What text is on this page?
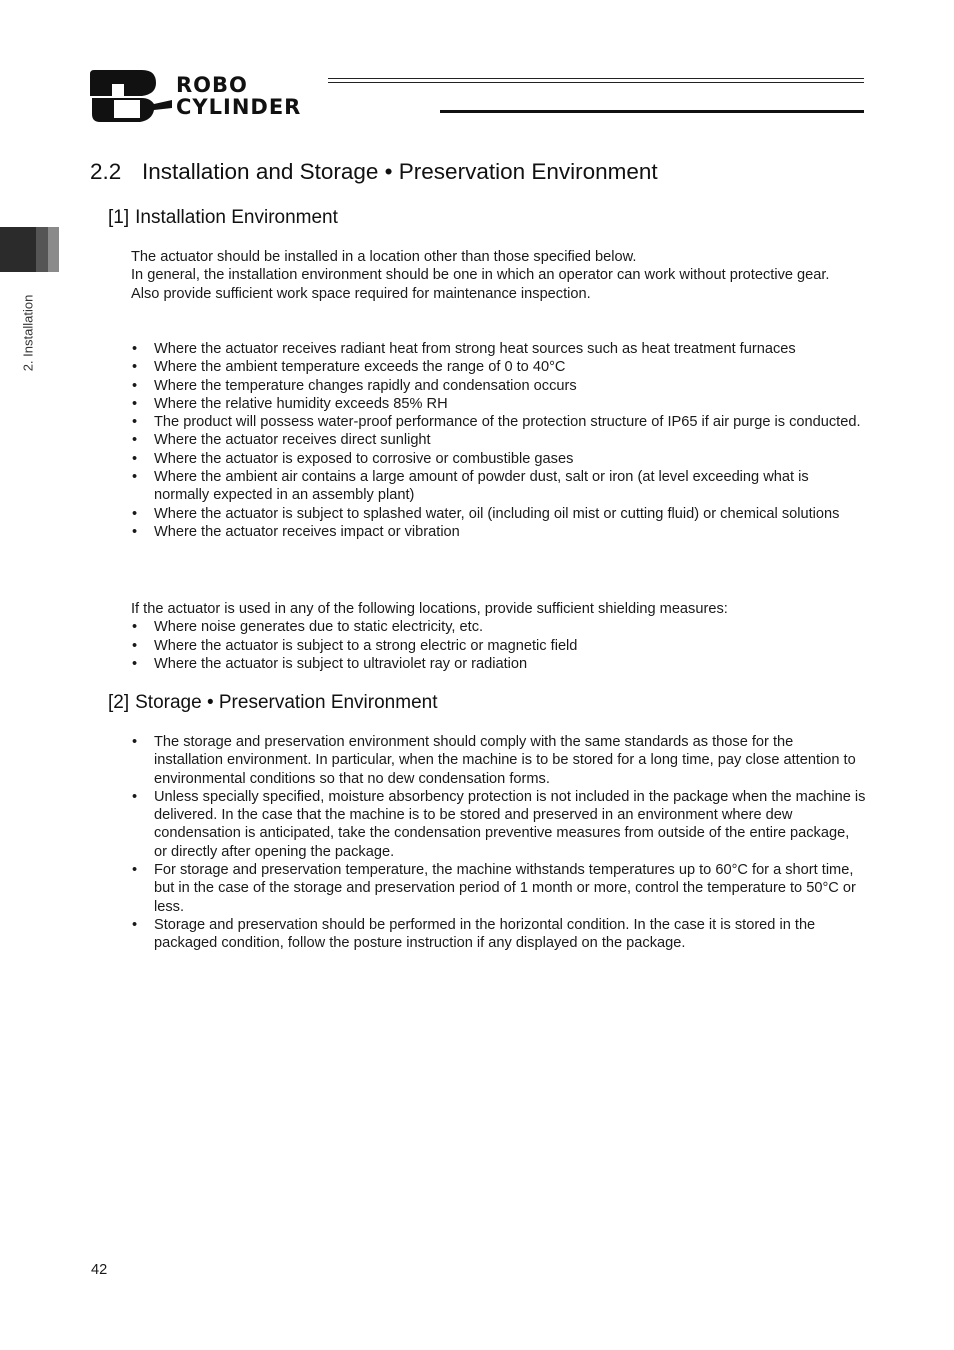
ROBO
CYLINDER
2. Installation
2.2 Installation and Storage • Preservation Environment
[1] Installation Environment

The actuator should be installed in a location other than those specified below.

In general, the installation environment should be one in which an operator can work without protective gear.

Also provide sufficient work space required for maintenance inspection.

• Where the actuator receives radiant heat from strong heat sources such as heat treatment furnaces
• Where the ambient temperature exceeds the range of 0 to 40°C
• Where the temperature changes rapidly and condensation occurs
• Where the relative humidity exceeds 85% RH
• The product will possess water-proof performance of the protection structure of IP65 if air purge is conducted.
• Where the actuator receives direct sunlight
• Where the actuator is exposed to corrosive or combustible gases
• Where the ambient air contains a large amount of powder dust, salt or iron (at level exceeding what is normally expected in an assembly plant)
• Where the actuator is subject to splashed water, oil (including oil mist or cutting fluid) or chemical solutions
• Where the actuator receives impact or vibration

If the actuator is used in any of the following locations, provide sufficient shielding measures:

• Where noise generates due to static electricity, etc.
• Where the actuator is subject to a strong electric or magnetic field
• Where the actuator is subject to ultraviolet ray or radiation
[2] Storage • Preservation Environment
• The storage and preservation environment should comply with the same standards as those for the installation environment. In particular, when the machine is to be stored for a long time, pay close attention to environmental conditions so that no dew condensation forms.
• Unless specially specified, moisture absorbency protection is not included in the package when the machine is delivered. In the case that the machine is to be stored and preserved in an environment where dew condensation is anticipated, take the condensation preventive measures from outside of the entire package, or directly after opening the package.
• For storage and preservation temperature, the machine withstands temperatures up to 60°C for a short time, but in the case of the storage and preservation period of 1 month or more, control the temperature to 50°C or less.
• Storage and preservation should be performed in the horizontal condition. In the case it is stored in the packaged condition, follow the posture instruction if any displayed on the package.
42
